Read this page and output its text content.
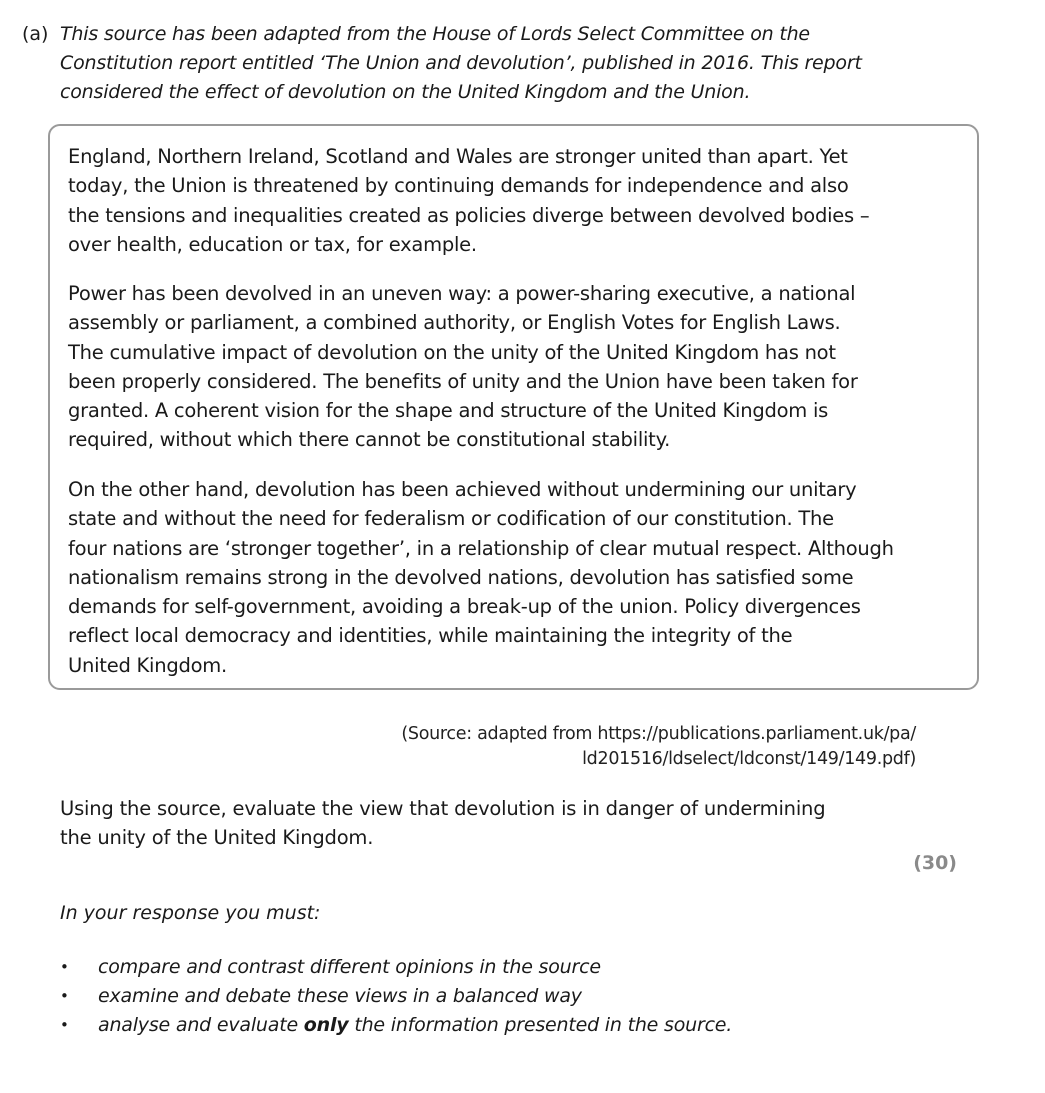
(a) This source has been adapted from the House of Lords Select Committee on the
Constitution report entitled ‘The Union and devolution’, published in 2016. This report
considered the effect of devolution on the United Kingdom and the Union.

England, Northern Ireland, Scotland and Wales are stronger united than apart. Yet
today, the Union is threatened by continuing demands for independence and also
the tensions and inequalities created as policies diverge between devolved bodies –
over health, education or tax, for example.

Power has been devolved in an uneven way: a power-sharing executive, a national
assembly or parliament, a combined authority, or English Votes for English Laws.
The cumulative impact of devolution on the unity of the United Kingdom has not
been properly considered. The benefits of unity and the Union have been taken for
granted. A coherent vision for the shape and structure of the United Kingdom is
required, without which there cannot be constitutional stability.

On the other hand, devolution has been achieved without undermining our unitary
state and without the need for federalism or codification of our constitution. The
four nations are ‘stronger together’, in a relationship of clear mutual respect. Although
nationalism remains strong in the devolved nations, devolution has satisfied some
demands for self-government, avoiding a break-up of the union. Policy divergences
reflect local democracy and identities, while maintaining the integrity of the
United Kingdom.

(Source: adapted from https://publications.parliament.uk/pa/
ld201516/ldselect/ldconst/149/149.pdf)
Using the source, evaluate the view that devolution is in danger of undermining
the unity of the United Kingdom.
(30)
In your response you must:
• compare and contrast different opinions in the source
• examine and debate these views in a balanced way
• analyse and evaluate only the information presented in the source.
